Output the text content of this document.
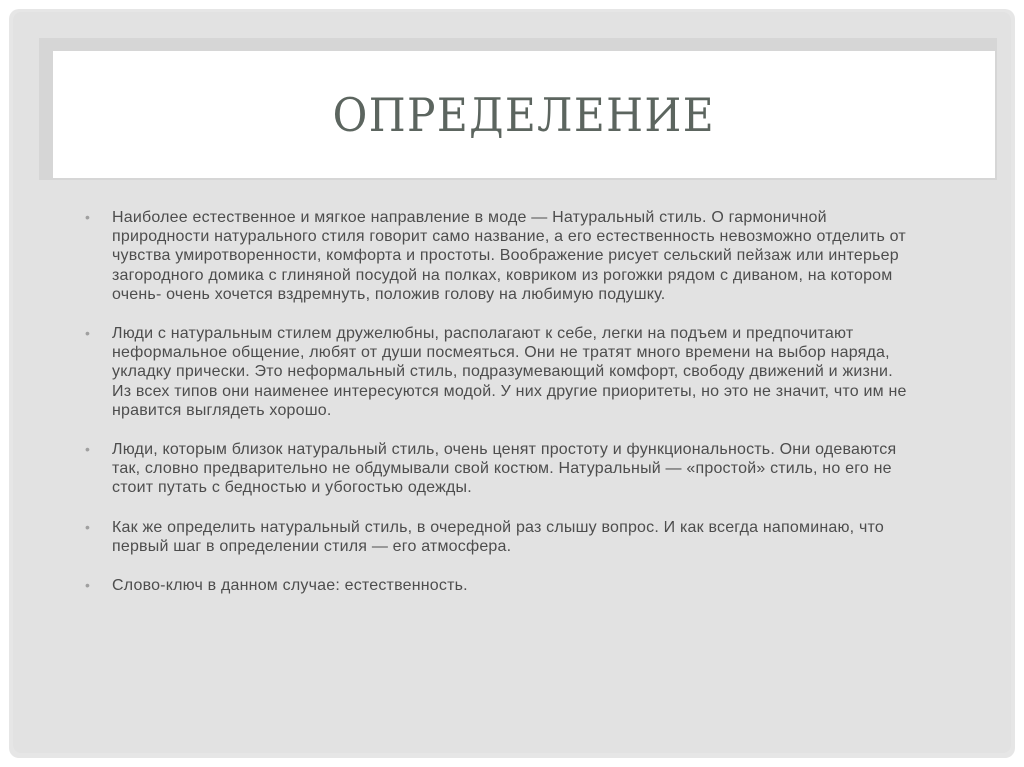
ОПРЕДЕЛЕНИЕ
• Наиболее естественное и мягкое направление в моде — Натуральный стиль. О гармоничной природности натурального стиля говорит само название, а его естественность невозможно отделить от чувства умиротворенности, комфорта и простоты. Воображение рисует сельский пейзаж или интерьер загородного домика с глиняной посудой на полках, ковриком из рогожки рядом с диваном, на котором очень- очень хочется вздремнуть, положив голову на любимую подушку.
• Люди с натуральным стилем дружелюбны, располагают к себе, легки на подъем и предпочитают неформальное общение, любят от души посмеяться. Они не тратят много времени на выбор наряда, укладку прически. Это неформальный стиль, подразумевающий комфорт, свободу движений и жизни. Из всех типов они наименее интересуются модой. У них другие приоритеты, но это не значит, что им не нравится выглядеть хорошо.
• Люди, которым близок натуральный стиль, очень ценят простоту и функциональность. Они одеваются так, словно предварительно не обдумывали свой костюм. Натуральный — «простой» стиль, но его не стоит путать с бедностью и убогостью одежды.
• Как же определить натуральный стиль, в очередной раз слышу вопрос. И как всегда напоминаю, что первый шаг в определении стиля — его атмосфера.
• Слово-ключ в данном случае: естественность.
